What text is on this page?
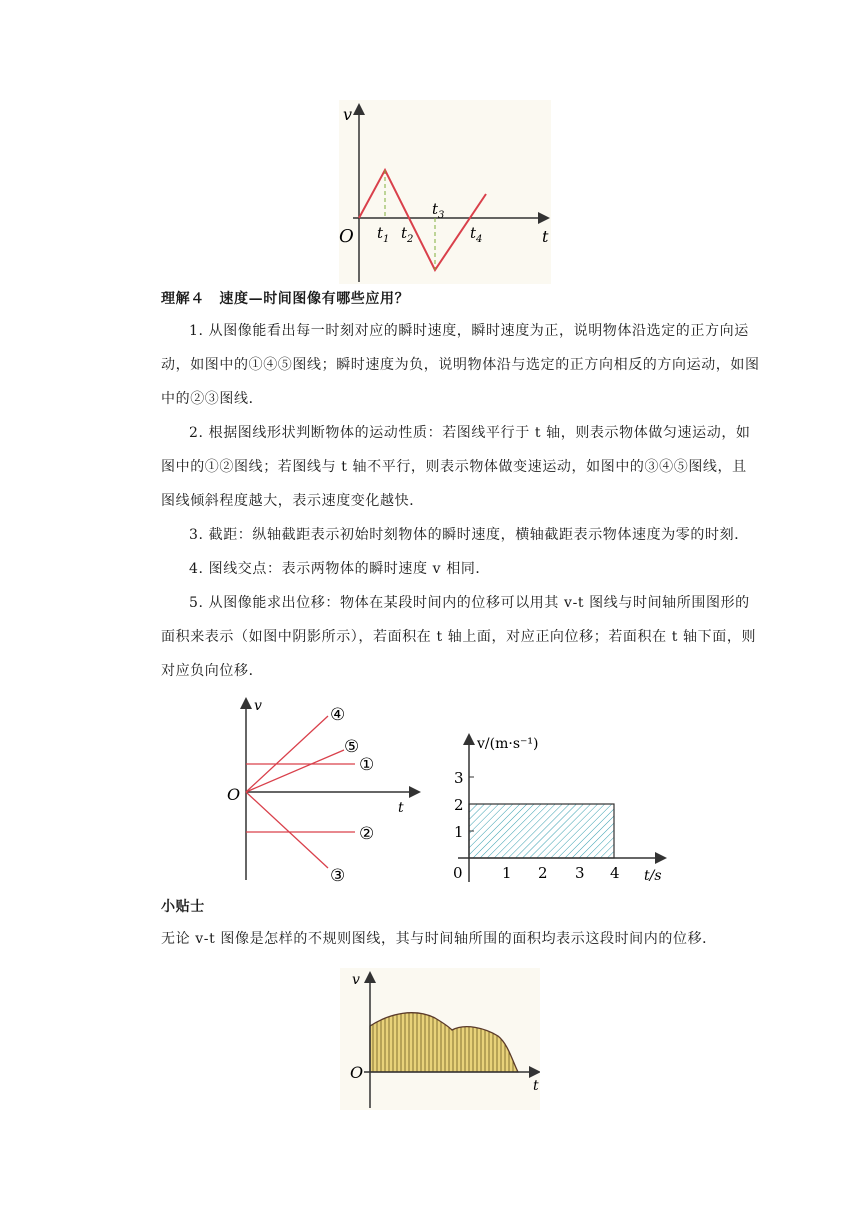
v
t
O $t_1$ $t_2$
$t_3$
$t_4$
理解４　速度—时间图像有哪些应用？

1. 从图像能看出每一时刻对应的瞬时速度，瞬时速度为正，说明物体沿选定的正方向运动，如图中的①④⑤图线；瞬时速度为负，说明物体沿与选定的正方向相反的方向运动，如图中的②③图线．

2. 根据图线形状判断物体的运动性质：若图线平行于 t 轴，则表示物体做匀速运动，如图中的①②图线；若图线与 t 轴不平行，则表示物体做变速运动，如图中的③④⑤图线，且图线倾斜程度越大，表示速度变化越快．

3. 截距：纵轴截距表示初始时刻物体的瞬时速度，横轴截距表示物体速度为零的时刻．

4. 图线交点：表示两物体的瞬时速度 v 相同．

5. 从图像能求出位移：物体在某段时间内的位移可以用其 v-t 图线与时间轴所围图形的面积来表示（如图中阴影所示），若面积在 t 轴上面，对应正向位移；若面积在 t 轴下面，则对应负向位移．

v
t
O
④
⑤
①
②
③
v/(m·s⁻¹)
t/s
0
1
2
3
1 2 3 4
小贴士
无论 v-t 图像是怎样的不规则图线，其与时间轴所围的面积均表示这段时间内的位移．
v
t
O
